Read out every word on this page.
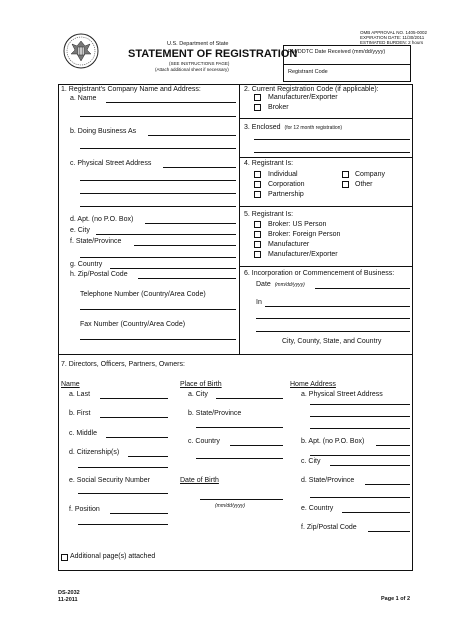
U.S. Department of State
STATEMENT OF REGISTRATION
(SEE INSTRUCTIONS PAGE)
(Attach additional sheet if necessary)
OMB APPROVAL NO. 1405-0002
EXPIRATION DATE: 11/30/2011
ESTIMATED BURDEN: 2 hours
PM/DDTC Date Received (mm/dd/yyyy)
Registrant Code
1. Registrant's Company Name and Address:
a. Name
b. Doing Business As
c. Physical Street Address
d. Apt. (no P.O. Box)
e. City
f. State/Province
g. Country
h. Zip/Postal Code
Telephone Number (Country/Area Code)
Fax Number (Country/Area Code)
2. Current Registration Code (if applicable):
Manufacturer/Exporter
Broker
3. Enclosed (for 12 month registration)
4. Registrant Is:
Individual	Company
Corporation	Other
Partnership
5. Registrant Is:
Broker: US Person
Broker: Foreign Person
Manufacturer
Manufacturer/Exporter
6. Incorporation or Commencement of Business:
Date (mm/dd/yyyy)
In
City, County, State, and Country
7. Directors, Officers, Partners, Owners:
Name	Place of Birth	Home Address
a. Last
b. First
c. Middle
d. Citizenship(s)
e. Social Security Number
f. Position
a. City
b. State/Province
c. Country
Date of Birth
(mm/dd/yyyy)
a. Physical Street Address
b. Apt. (no P.O. Box)
c. City
d. State/Province
e. Country
f. Zip/Postal Code
Additional page(s) attached
DS-2032
11-2011	Page 1 of 2
